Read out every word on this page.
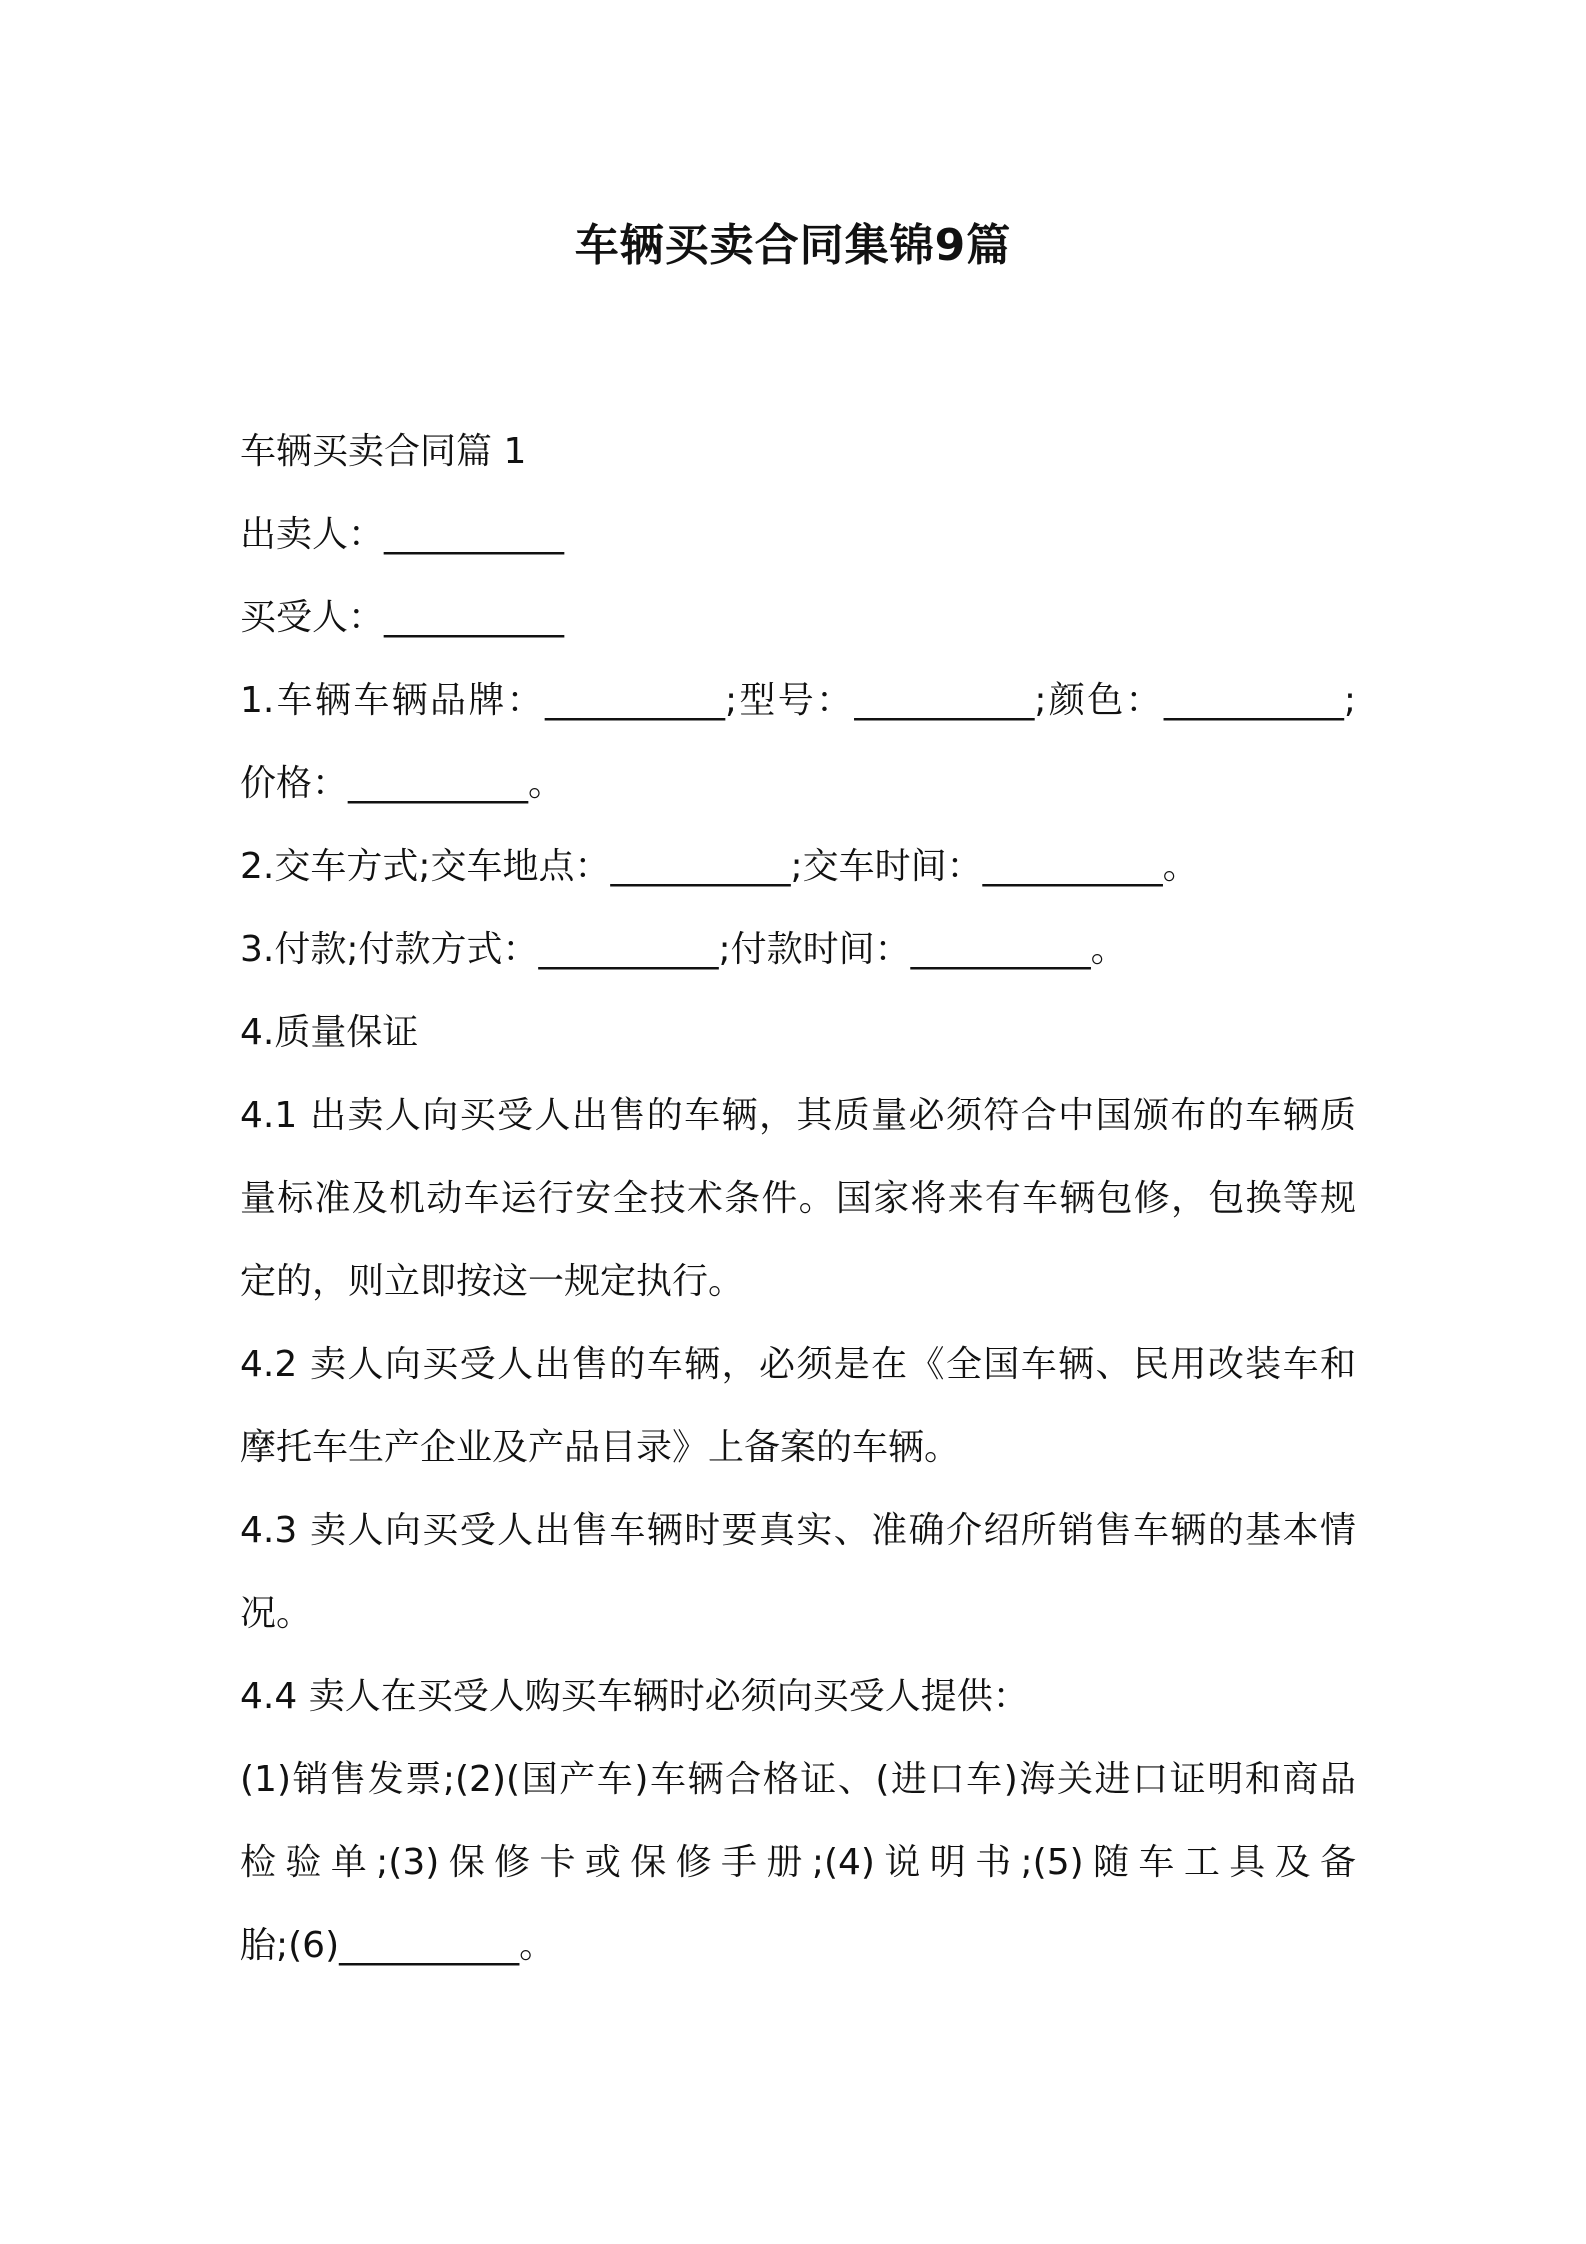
车辆买卖合同集锦9篇
车辆买卖合同篇 1
出卖人：__________
买受人：__________
1.车辆车辆品牌：__________;型号：__________;颜色：__________;
价格：__________。
2.交车方式;交车地点：__________;交车时间：__________。
3.付款;付款方式：__________;付款时间：__________。
4.质量保证
4.1 出卖人向买受人出售的车辆，其质量必须符合中国颁布的车辆质
量标准及机动车运行安全技术条件。国家将来有车辆包修，包换等规
定的，则立即按这一规定执行。
4.2 卖人向买受人出售的车辆，必须是在《全国车辆、民用改装车和
摩托车生产企业及产品目录》上备案的车辆。
4.3 卖人向买受人出售车辆时要真实、准确介绍所销售车辆的基本情
况。
4.4 卖人在买受人购买车辆时必须向买受人提供：
(1)销售发票;(2)(国产车)车辆合格证、(进口车)海关进口证明和商品
检验单;(3)保修卡或保修手册;(4)说明书;(5)随车工具及备
胎;(6)__________。
